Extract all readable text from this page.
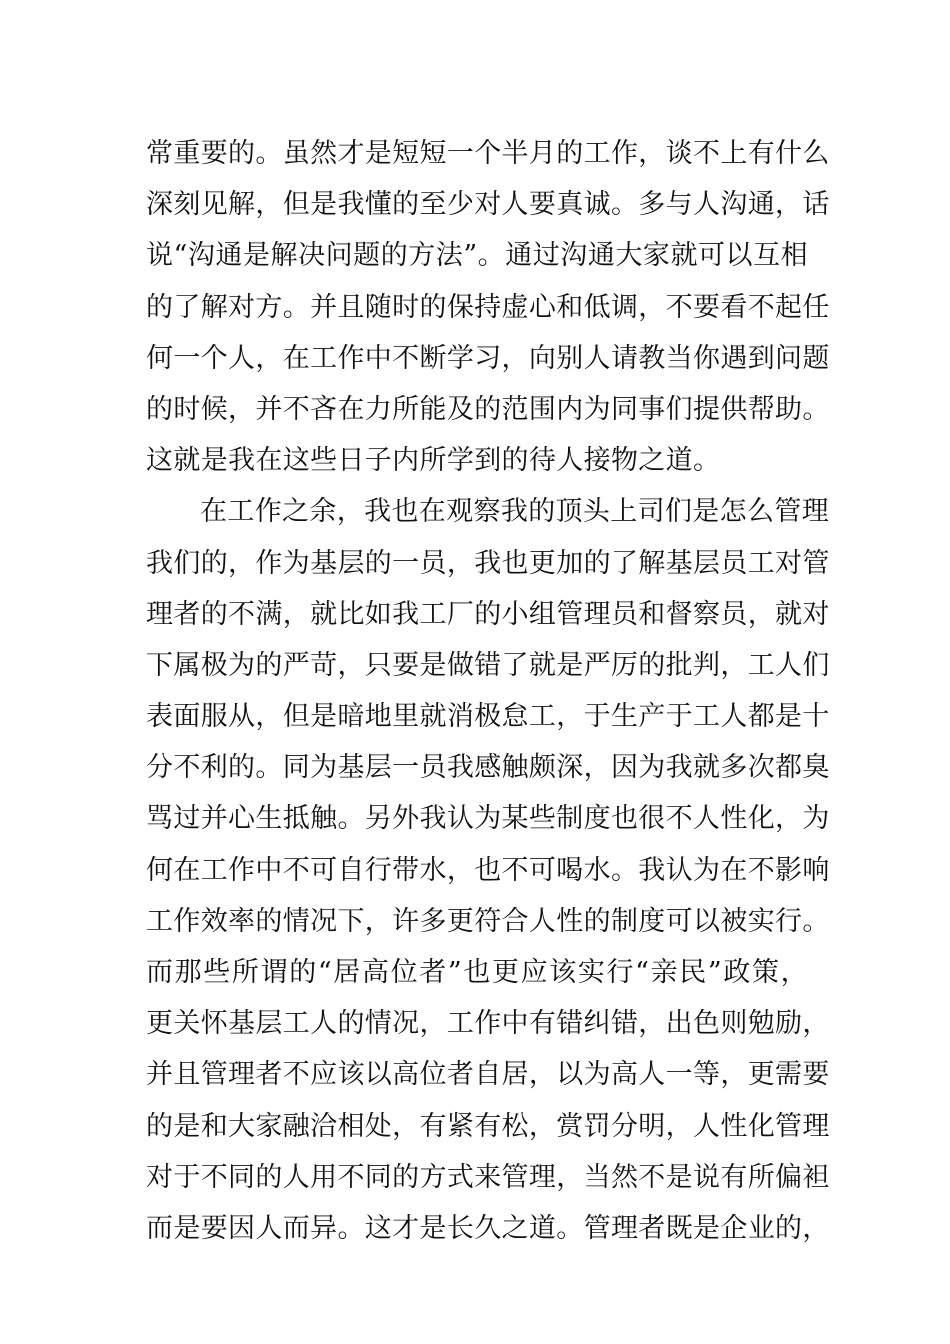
常重要的。虽然才是短短一个半月的工作，谈不上有什么
深刻见解，但是我懂的至少对人要真诚。多与人沟通，话
说“沟通是解决问题的方法”。通过沟通大家就可以互相
的了解对方。并且随时的保持虚心和低调，不要看不起任
何一个人，在工作中不断学习，向别人请教当你遇到问题
的时候，并不吝在力所能及的范围内为同事们提供帮助。
这就是我在这些日子内所学到的待人接物之道。
在工作之余，我也在观察我的顶头上司们是怎么管理
我们的，作为基层的一员，我也更加的了解基层员工对管
理者的不满，就比如我工厂的小组管理员和督察员，就对
下属极为的严苛，只要是做错了就是严厉的批判，工人们
表面服从，但是暗地里就消极怠工，于生产于工人都是十
分不利的。同为基层一员我感触颇深，因为我就多次都臭
骂过并心生抵触。另外我认为某些制度也很不人性化，为
何在工作中不可自行带水，也不可喝水。我认为在不影响
工作效率的情况下，许多更符合人性的制度可以被实行。
而那些所谓的“居高位者”也更应该实行“亲民”政策，
更关怀基层工人的情况，工作中有错纠错，出色则勉励，
并且管理者不应该以高位者自居，以为高人一等，更需要
的是和大家融洽相处，有紧有松，赏罚分明，人性化管理
对于不同的人用不同的方式来管理，当然不是说有所偏袒
而是要因人而异。这才是长久之道。管理者既是企业的，
